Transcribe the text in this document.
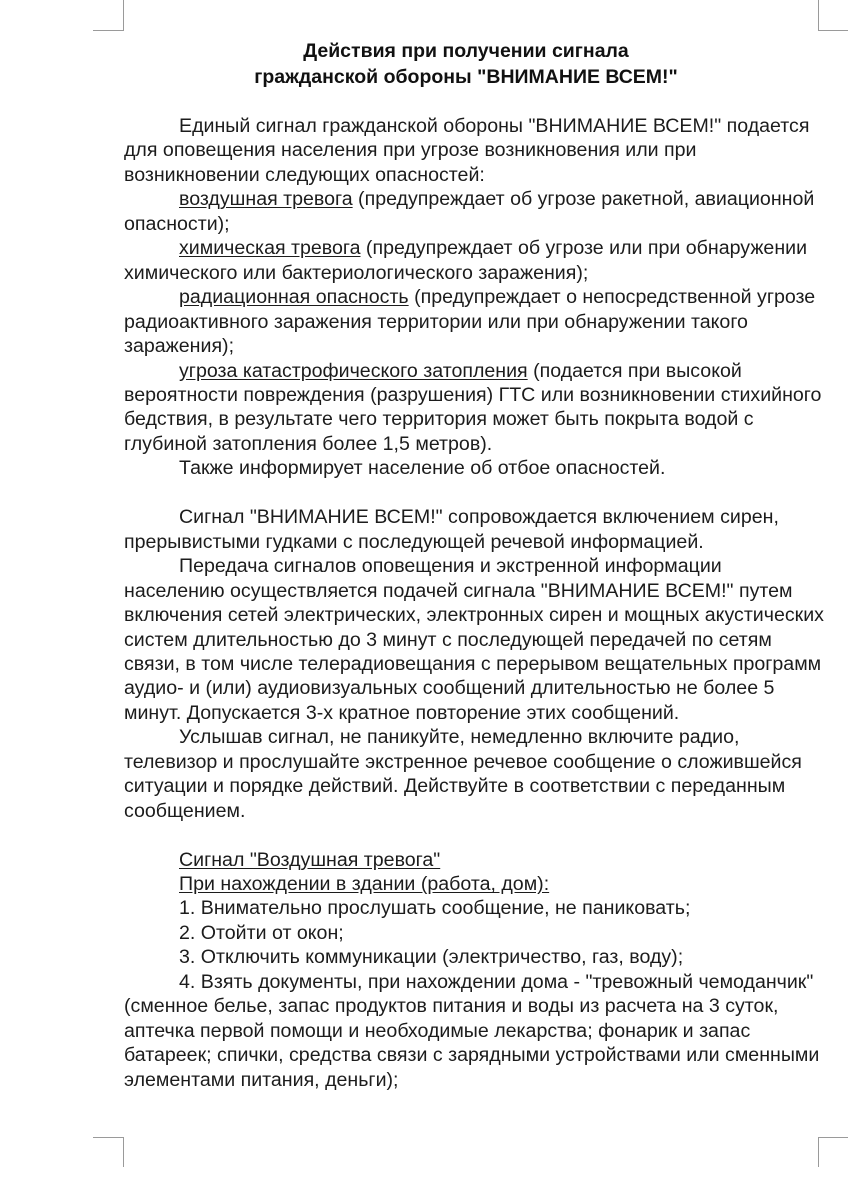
Действия при получении сигнала
гражданской обороны "ВНИМАНИЕ ВСЕМ!"

Единый сигнал гражданской обороны "ВНИМАНИЕ ВСЕМ!" подается для оповещения населения при угрозе возникновения или при возникновении следующих опасностей:

воздушная тревога (предупреждает об угрозе ракетной, авиационной опасности);

химическая тревога (предупреждает об угрозе или при обнаружении химического или бактериологического заражения);

радиационная опасность (предупреждает о непосредственной угрозе радиоактивного заражения территории или при обнаружении такого заражения);

угроза катастрофического затопления (подается при высокой вероятности повреждения (разрушения) ГТС или возникновении стихийного бедствия, в результате чего территория может быть покрыта водой с глубиной затопления более 1,5 метров).

Также информирует население об отбое опасностей.

Сигнал "ВНИМАНИЕ ВСЕМ!" сопровождается включением сирен, прерывистыми гудками с последующей речевой информацией.

Передача сигналов оповещения и экстренной информации населению осуществляется подачей сигнала "ВНИМАНИЕ ВСЕМ!" путем включения сетей электрических, электронных сирен и мощных акустических систем длительностью до 3 минут с последующей передачей по сетям связи, в том числе телерадиовещания с перерывом вещательных программ аудио- и (или) аудиовизуальных сообщений длительностью не более 5 минут. Допускается 3-х кратное повторение этих сообщений.

Услышав сигнал, не паникуйте, немедленно включите радио, телевизор и прослушайте экстренное речевое сообщение о сложившейся ситуации и порядке действий. Действуйте в соответствии с переданным сообщением.

Сигнал "Воздушная тревога"

При нахождении в здании (работа, дом):

1. Внимательно прослушать сообщение, не паниковать;

2. Отойти от окон;

3. Отключить коммуникации (электричество, газ, воду);

4. Взять документы, при нахождении дома - "тревожный чемоданчик" (сменное белье, запас продуктов питания и воды из расчета на 3 суток, аптечка первой помощи и необходимые лекарства; фонарик и запас батареек; спички, средства связи с зарядными устройствами или сменными элементами питания, деньги);
